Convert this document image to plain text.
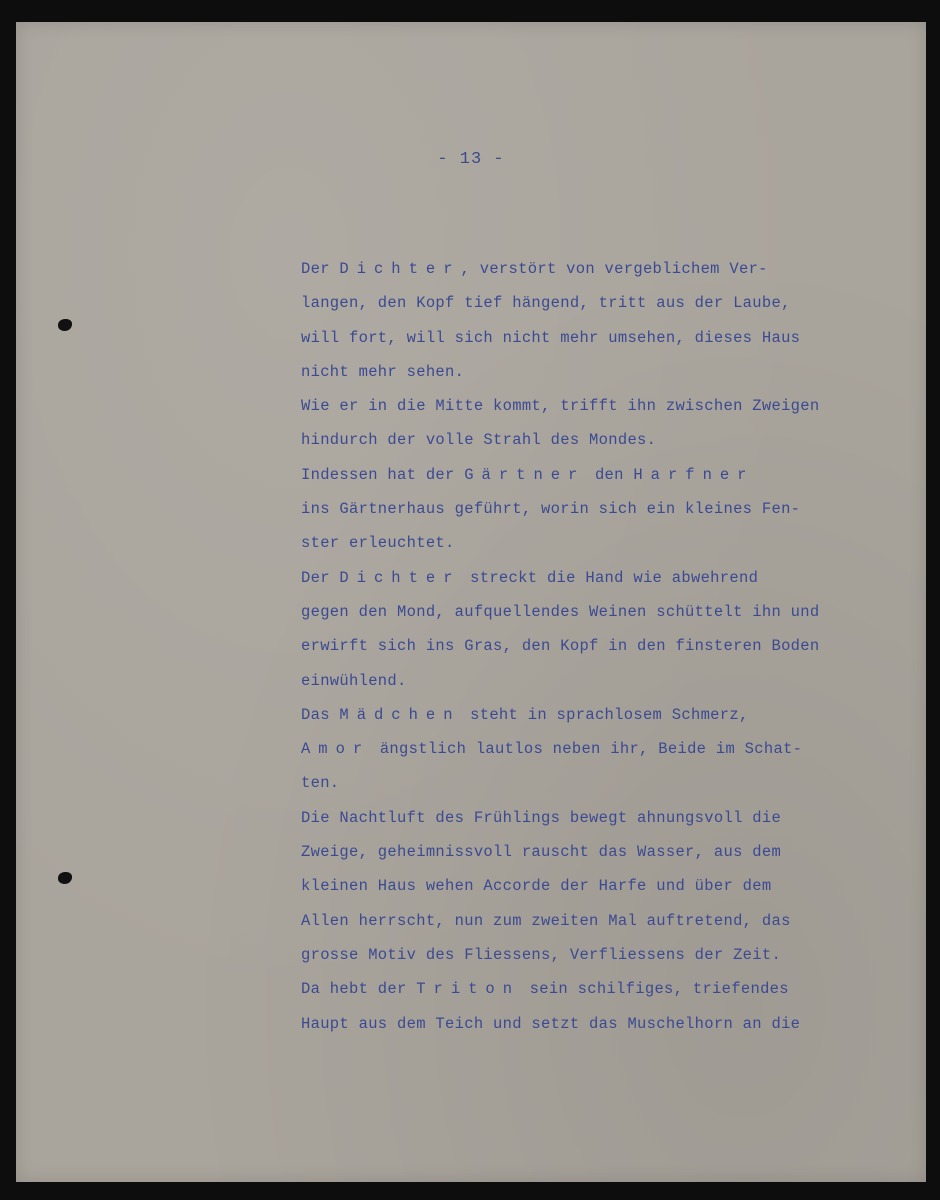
- 13 -
Der Dichter, verstört von vergeblichem Ver-
langen, den Kopf tief hängend, tritt aus der Laube,
will fort, will sich nicht mehr umsehen, dieses Haus
nicht mehr sehen.
Wie er in die Mitte kommt, trifft ihn zwischen Zweigen
hindurch der volle Strahl des Mondes.
Indessen hat der Gärtner den Harfner
ins Gärtnerhaus geführt, worin sich ein kleines Fen-
ster erleuchtet.
Der Dichter streckt die Hand wie abwehrend
gegen den Mond, aufquellendes Weinen schüttelt ihn und
erwirft sich ins Gras, den Kopf in den finsteren Boden
einwühlend.
Das Mädchen steht in sprachlosem Schmerz,
Amor ängstlich lautlos neben ihr, Beide im Schat-
ten.
Die Nachtluft des Frühlings bewegt ahnungsvoll die
Zweige, geheimnissvoll rauscht das Wasser, aus dem
kleinen Haus wehen Accorde der Harfe und über dem
Allen herrscht, nun zum zweiten Mal auftretend, das
grosse Motiv des Fliessens, Verfliessens der Zeit.
Da hebt der Triton sein schilfiges, triefendes
Haupt aus dem Teich und setzt das Muschelhorn an die
